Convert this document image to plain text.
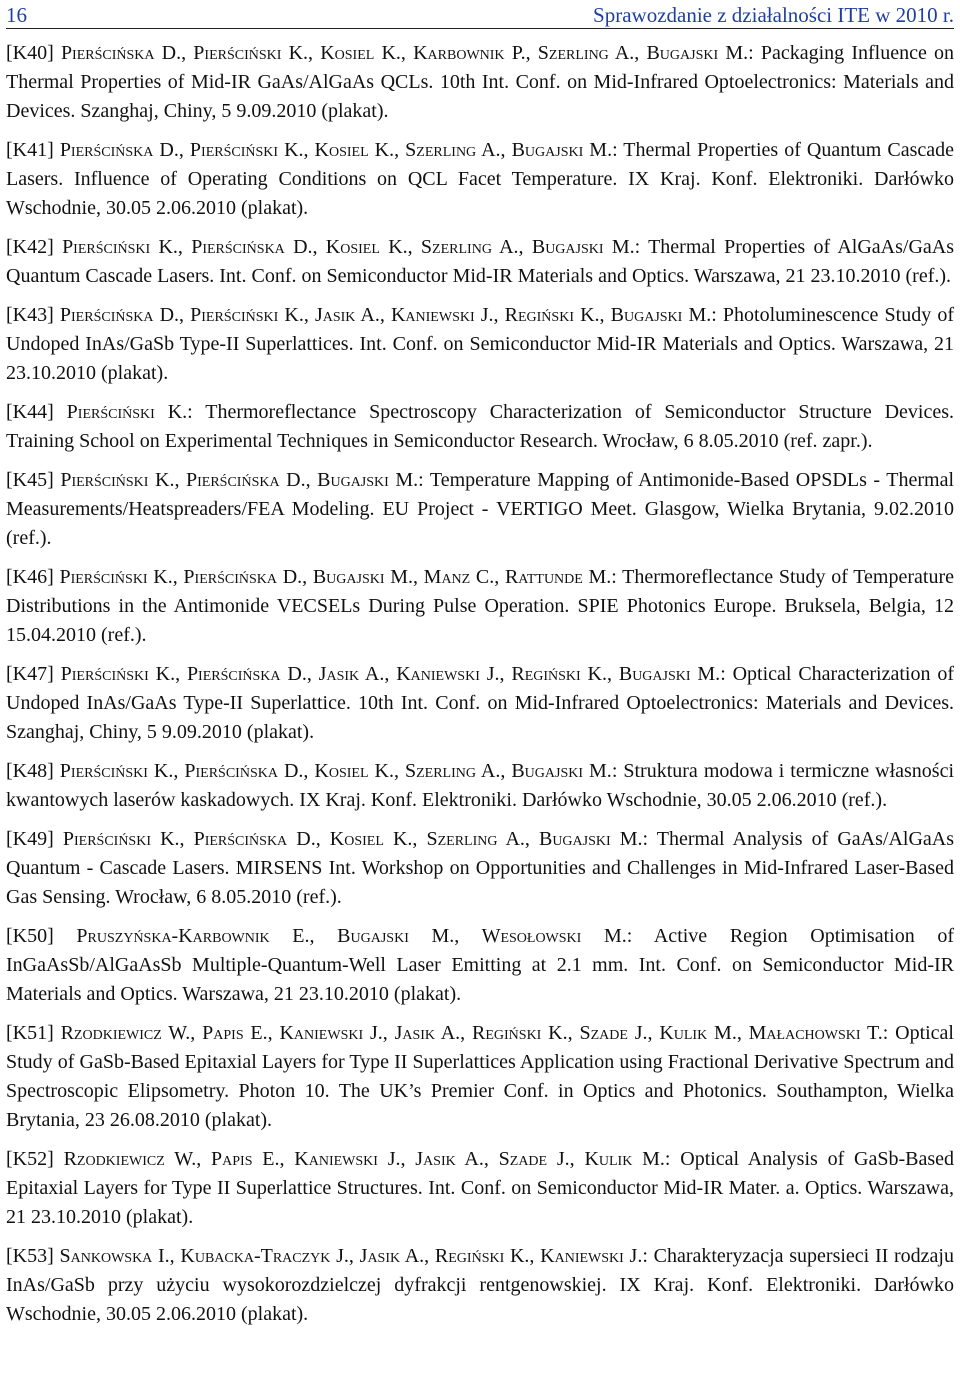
16	Sprawozdanie z działalności ITE w 2010 r.

[K40] Pierścińska D., Pierściński K., Kosiel K., Karbownik P., Szerling A., Bugajski M.: Packaging Influence on Thermal Properties of Mid-IR GaAs/AlGaAs QCLs. 10th Int. Conf. on Mid-Infrared Optoelectronics: Materials and Devices. Szanghaj, Chiny, 5 9.09.2010 (plakat).

[K41] Pierścińska D., Pierściński K., Kosiel K., Szerling A., Bugajski M.: Thermal Properties of Quantum Cascade Lasers. Influence of Operating Conditions on QCL Facet Temperature. IX Kraj. Konf. Elektroniki. Darłówko Wschodnie, 30.05 2.06.2010 (plakat).

[K42] Pierściński K., Pierścińska D., Kosiel K., Szerling A., Bugajski M.: Thermal Properties of AlGaAs/GaAs Quantum Cascade Lasers. Int. Conf. on Semiconductor Mid-IR Materials and Optics. Warszawa, 21 23.10.2010 (ref.).

[K43] Pierścińska D., Pierściński K., Jasik A., Kaniewski J., Regiński K., Bugajski M.: Photoluminescence Study of Undoped InAs/GaSb Type-II Superlattices. Int. Conf. on Semiconductor Mid-IR Materials and Optics. Warszawa, 21 23.10.2010 (plakat).

[K44] Pierściński K.: Thermoreflectance Spectroscopy Characterization of Semiconductor Structure Devices. Training School on Experimental Techniques in Semiconductor Research. Wrocław, 6 8.05.2010 (ref. zapr.).

[K45] Pierściński K., Pierścińska D., Bugajski M.: Temperature Mapping of Antimonide-Based OPSDLs - Thermal Measurements/Heatspreaders/FEA Modeling. EU Project - VERTIGO Meet. Glasgow, Wielka Brytania, 9.02.2010 (ref.).

[K46] Pierściński K., Pierścińska D., Bugajski M., Manz C., Rattunde M.: Thermoreflectance Study of Temperature Distributions in the Antimonide VECSELs During Pulse Operation. SPIE Photonics Europe. Bruksela, Belgia, 12 15.04.2010 (ref.).

[K47] Pierściński K., Pierścińska D., Jasik A., Kaniewski J., Regiński K., Bugajski M.: Optical Characterization of Undoped InAs/GaAs Type-II Superlattice. 10th Int. Conf. on Mid-Infrared Optoelectronics: Materials and Devices. Szanghaj, Chiny, 5 9.09.2010 (plakat).

[K48] Pierściński K., Pierścińska D., Kosiel K., Szerling A., Bugajski M.: Struktura modowa i termiczne własności kwantowych laserów kaskadowych. IX Kraj. Konf. Elektroniki. Darłówko Wschodnie, 30.05 2.06.2010 (ref.).

[K49] Pierściński K., Pierścińska D., Kosiel K., Szerling A., Bugajski M.: Thermal Analysis of GaAs/AlGaAs Quantum - Cascade Lasers. MIRSENS Int. Workshop on Opportunities and Challenges in Mid-Infrared Laser-Based Gas Sensing. Wrocław, 6 8.05.2010 (ref.).

[K50] Pruszyńska-Karbownik E., Bugajski M., Wesołowski M.: Active Region Optimisation of InGaAsSb/AlGaAsSb Multiple-Quantum-Well Laser Emitting at 2.1 mm. Int. Conf. on Semiconductor Mid-IR Materials and Optics. Warszawa, 21 23.10.2010 (plakat).

[K51] Rzodkiewicz W., Papis E., Kaniewski J., Jasik A., Regiński K., Szade J., Kulik M., Małachowski T.: Optical Study of GaSb-Based Epitaxial Layers for Type II Superlattices Application using Fractional Derivative Spectrum and Spectroscopic Elipsometry. Photon 10. The UK’s Premier Conf. in Optics and Photonics. Southampton, Wielka Brytania, 23 26.08.2010 (plakat).

[K52] Rzodkiewicz W., Papis E., Kaniewski J., Jasik A., Szade J., Kulik M.: Optical Analysis of GaSb-Based Epitaxial Layers for Type II Superlattice Structures. Int. Conf. on Semiconductor Mid-IR Mater. a. Optics. Warszawa, 21 23.10.2010 (plakat).

[K53] Sankowska I., Kubacka-Traczyk J., Jasik A., Regiński K., Kaniewski J.: Charakteryzacja supersieci II rodzaju InAs/GaSb przy użyciu wysokorozdzielczej dyfrakcji rentgenowskiej. IX Kraj. Konf. Elektroniki. Darłówko Wschodnie, 30.05 2.06.2010 (plakat).
